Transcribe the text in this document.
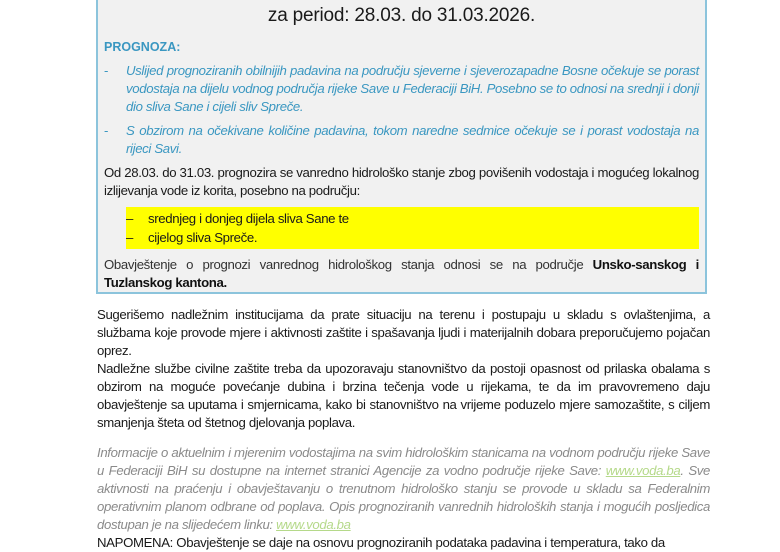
za period: 28.03. do 31.03.2026.
PROGNOZA:
-	Uslijed prognoziranih obilnijih padavina na području sjeverne i sjeverozapadne Bosne očekuje se porast vodostaja na dijelu vodnog područja rijeke Save u Federaciji BiH. Posebno se to odnosi na srednji i donji dio sliva Sane i cijeli sliv Spreče.
-	S obzirom na očekivane količine padavina, tokom naredne sedmice očekuje se i porast vodostaja na rijeci Savi.
Od 28.03. do 31.03. prognozira se vanredno hidrološko stanje zbog povišenih vodostaja i mogućeg lokalnog izlijevanja vode iz korita, posebno na području:
–	srednjeg i donjeg dijela sliva Sane te
–	cijelog sliva Spreče.
Obavještenje o prognozi vanrednog hidrološkog stanja odnosi se na područje Unsko-sanskog i Tuzlanskog kantona.
Sugerišemo nadležnim institucijama da prate situaciju na terenu i postupaju u skladu s ovlaštenjima, a službama koje provode mjere i aktivnosti zaštite i spašavanja ljudi i materijalnih dobara preporučujemo pojačan oprez.
Nadležne službe civilne zaštite treba da upozoravaju stanovništvo da postoji opasnost od prilaska obalama s obzirom na moguće povećanje dubina i brzina tečenja vode u rijekama, te da im pravovremeno daju obavještenje sa uputama i smjernicama, kako bi stanovništvo na vrijeme poduzelo mjere samozaštite, s ciljem smanjenja šteta od štetnog djelovanja poplava.
Informacije o aktuelnim i mjerenim vodostajima na svim hidrološkim stanicama na vodnom području rijeke Save u Federaciji BiH su dostupne na internet stranici Agencije za vodno područje rijeke Save: www.voda.ba. Sve aktivnosti na praćenju i obavještavanju o trenutnom hidrološko stanju se provode u skladu sa Federalnim operativnim planom odbrane od poplava. Opis prognoziranih vanrednih hidroloških stanja i mogućih posljedica dostupan je na slijedećem linku: www.voda.ba
NAPOMENA: Obavještenje se daje na osnovu prognoziranih podataka padavina i temperatura, tako da
